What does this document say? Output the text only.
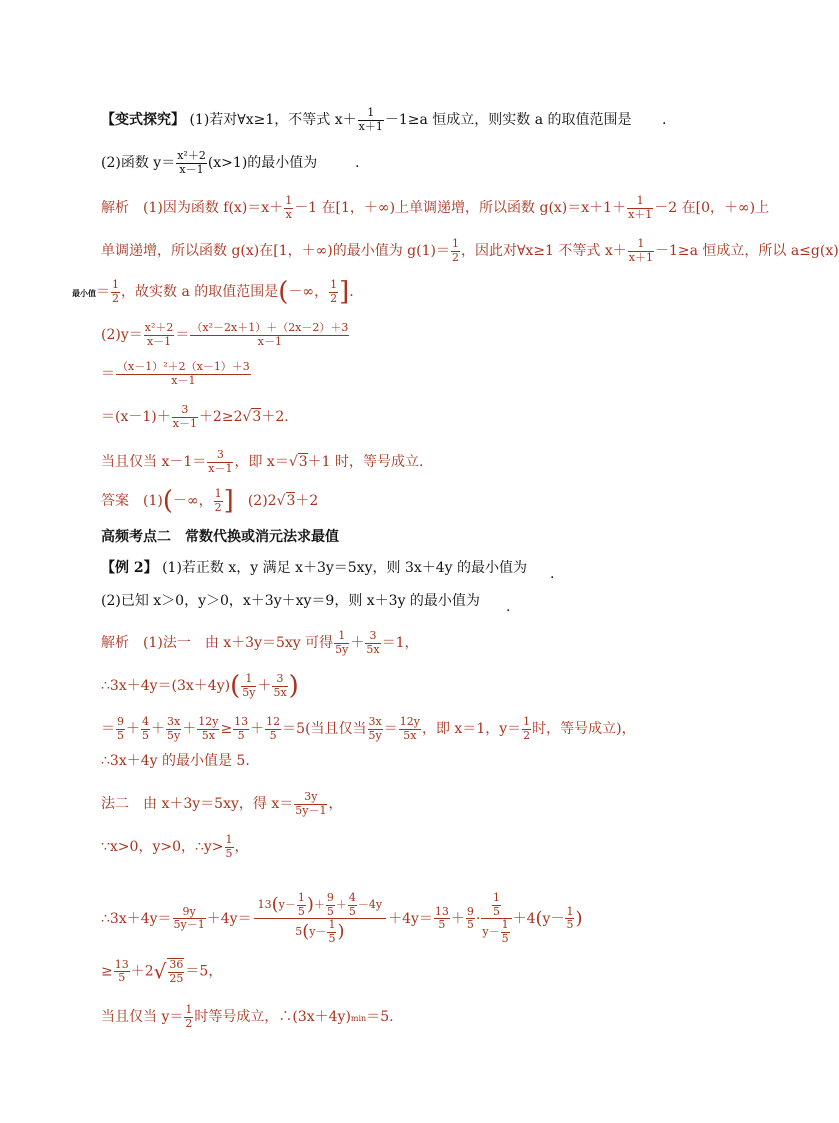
【变式探究】 (1)若对∀x≥1，不等式 $x+ \frac{1}{x+1} -1\ge a$ 恒成立，则实数 a 的取值范围是 .
(2)函数 $y= \frac{\text{x²＋2}}{x-1} (x>1)$的最小值为	.
解析　 (1)因为函数 $f(x)=x+ \frac{1}{x} -1$ 在[1，＋∞)上单调递增，所以函数 $g(x)=x+1+ \frac{1}{x+1} -2$ 在[0，＋∞)上
单调递增，所以函数 g(x)在[1，＋∞)的最小值为 $g(1)= \frac{1}{2}$ ，因此对∀x≥1 不等式 $x+ \frac{1}{x+1} -1\ge a$ 恒成立，所以 a≤g(x)
最小值＝ $\frac{1}{2}$ ，故实数 a 的取值范围是(－∞， $\frac{1}{2}$ ].
$(2)y= \frac{\text{x²＋2}}{x-1} = \frac{\text{（x²－2x＋1）＋（2x－2）＋3}}{x-1}$
＝ $\frac{\text{（x－1）²＋2（x－1）＋3}}{x-1}$
$=(x-1)+ \frac{3}{x-1} +2\ge 2√3+2$.
当且仅当 $x-1= \frac{3}{x-1}$ ，即 x＝√3＋1 时，等号成立.
答案　 (1)(－∞， $\frac{1}{2}$ ]　 (2)2√3＋2
高频考点二　常数代换或消元法求最值
【例 2】 (1)若正数 x，y 满足 x＋3y＝5xy，则 3x＋4y 的最小值为 .
(2)已知 x＞0，y＞0，x＋3y＋xy＝9，则 x＋3y 的最小值为 .
解析　 (1)法一　由 x＋3y＝5xy 可得 $\frac{1}{5y} + \frac{3}{5x} =1$，
∴3x＋4y＝(3x＋4y)( $\frac{1}{5y} + \frac{3}{5x}$ )
＝ $\frac{9}{5} + \frac{4}{5} + \frac{3x}{5y} + \frac{12y}{5x} \ge \frac{13}{5} + \frac{12}{5} =5$(当且仅当 $\frac{3x}{5y} = \frac{12y}{5x}$ ，即 x＝1，$y= \frac{1}{2}$ 时，等号成立)，
∴3x＋4y 的最小值是 5.
法二　由 x＋3y＝5xy，得 $x= \frac{3y}{5y-1}$ ，
∵x>0，y>0，∴y> $\frac{1}{5}$ ，
∴3x＋4y＝ $\frac{9y}{5y-1} +4y= \frac{13(y- \frac{1}{5} )+ \frac{9}{5} + \frac{4}{5} -4y}{5(y- \frac{1}{5} )} +4y= \frac{13}{5} + \frac{9}{5} \cdot \frac{\frac{1}{5}}{y- \frac{1}{5}} +4(y- \frac{1}{5}$ )
≥ $\frac{13}{5} +2√ \frac{36}{25} =5$，
当且仅当 $y= \frac{1}{2}$ 时等号成立，∴(3x＋4y)min＝5.
